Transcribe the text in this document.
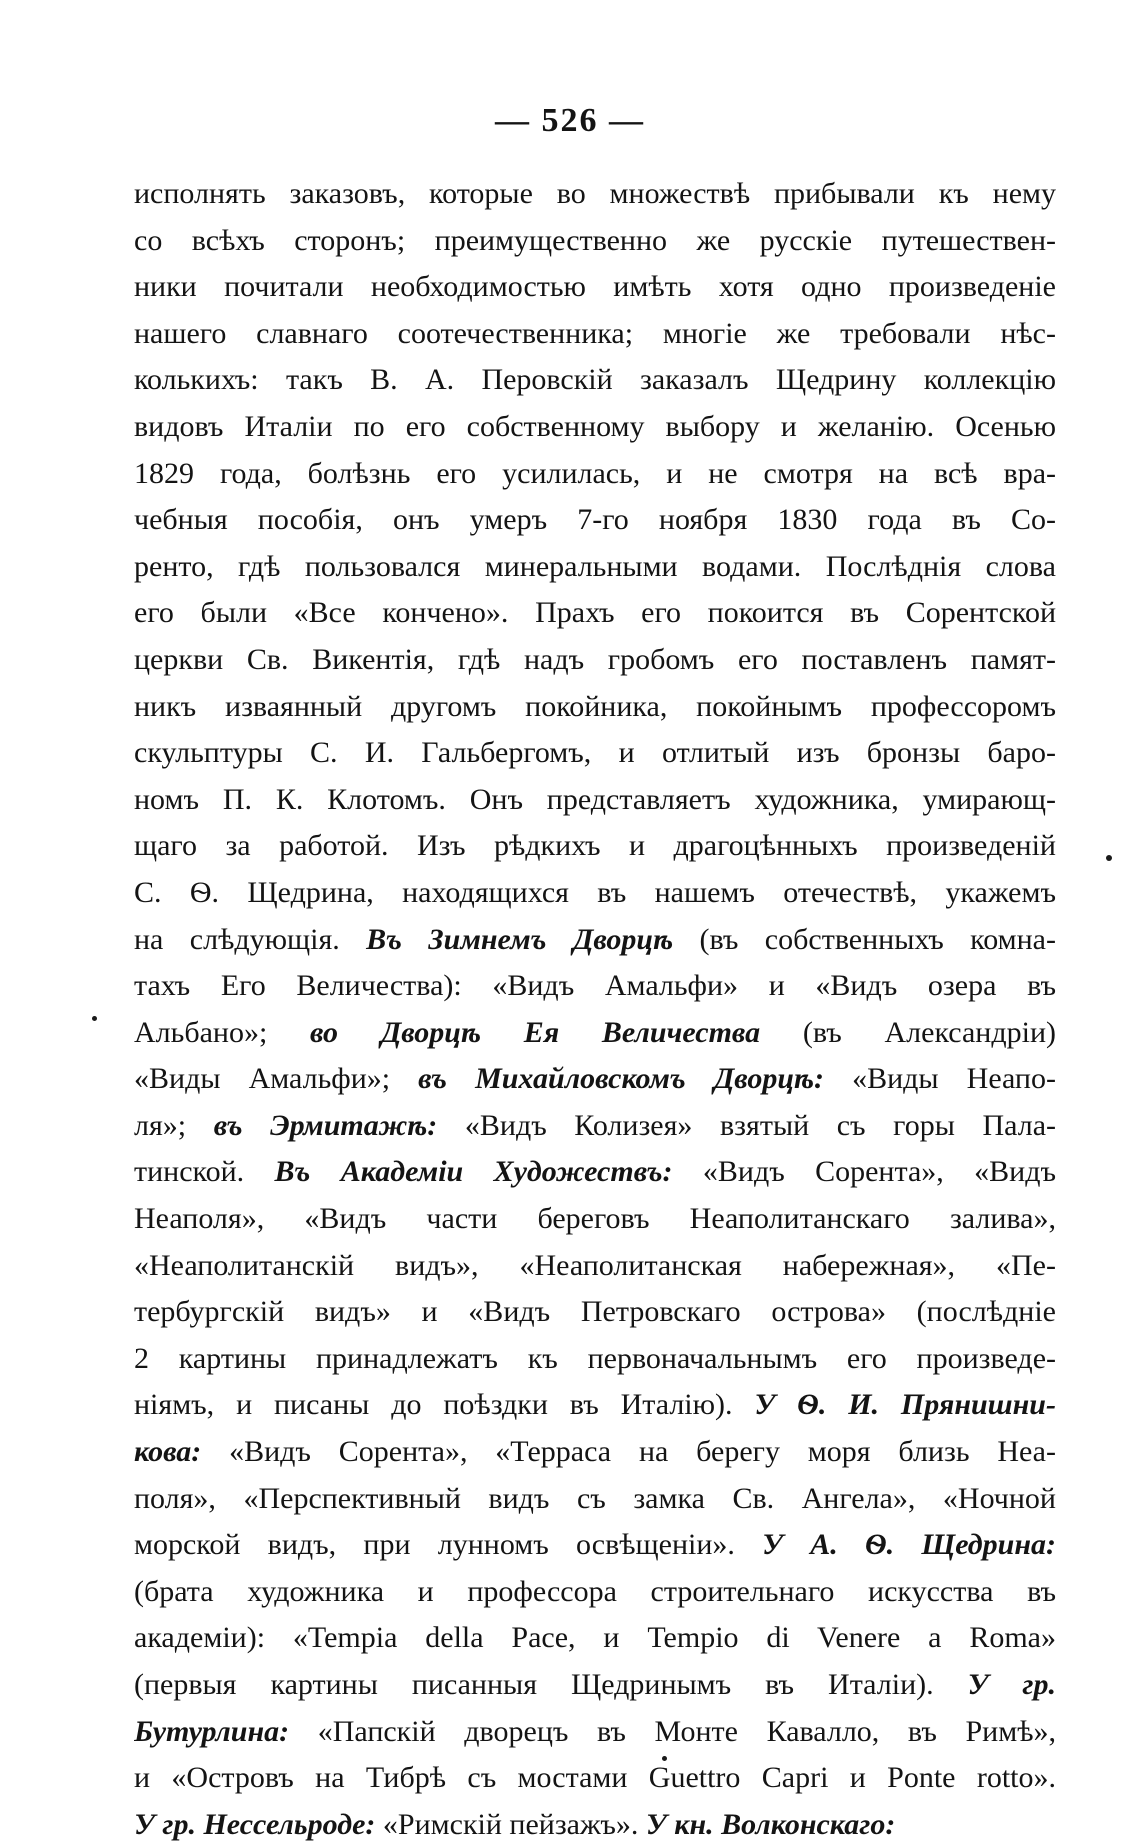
— 526 —
исполнять заказовъ, которые во множествѣ прибывали къ нему
со всѣхъ сторонъ; преимущественно же русскіе путешествен-
ники почитали необходимостью имѣть хотя одно произведеніе
нашего славнаго соотечественника; многіе же требовали нѣс-
колькихъ: такъ В. А. Перовскій заказалъ Щедрину коллекцію
видовъ Италіи по его собственному выбору и желанію. Осенью
1829 года, болѣзнь его усилилась, и не смотря на всѣ вра-
чебныя пособія, онъ умеръ 7-го ноября 1830 года въ Со-
ренто, гдѣ пользовался минеральными водами. Послѣднія слова
его были «Все кончено». Прахъ его покоится въ Сорентской
церкви Св. Викентія, гдѣ надъ гробомъ его поставленъ памят-
никъ изваянный другомъ покойника, покойнымъ профессоромъ
скульптуры С. И. Гальбергомъ, и отлитый изъ бронзы баро-
номъ П. К. Клотомъ. Онъ представляетъ художника, умирающ-
щаго за работой. Изъ рѣдкихъ и драгоцѣнныхъ произведеній
С. Ѳ. Щедрина, находящихся въ нашемъ отечествѣ, укажемъ
на слѣдующія. Въ Зимнемъ Дворцѣ (въ собственныхъ комна-
тахъ Его Величества): «Видъ Амальфи» и «Видъ озера въ
Альбано»; во Дворцѣ Ея Величества (въ Александріи)
«Виды Амальфи»; въ Михайловскомъ Дворцѣ: «Виды Неапо-
ля»; въ Эрмитажѣ: «Видъ Колизея» взятый съ горы Пала-
тинской. Въ Академіи Художествъ: «Видъ Сорента», «Видъ
Неаполя», «Видъ части береговъ Неаполитанскаго залива»,
«Неаполитанскій видъ», «Неаполитанская набережная», «Пе-
тербургскій видъ» и «Видъ Петровскаго острова» (послѣдніе
2 картины принадлежатъ къ первоначальнымъ его произведе-
ніямъ, и писаны до поѣздки въ Италію). У Ѳ. И. Прянишни-
кова: «Видъ Сорента», «Терраса на берегу моря близь Неа-
поля», «Перспективный видъ съ замка Св. Ангела», «Ночной
морской видъ, при лунномъ освѣщеніи». У А. Ѳ. Щедрина:
(брата художника и профессора строительнаго искусства въ
академіи): «Tempia della Pace, и Tempio di Venere a Roma»
(первыя картины писанныя Щедринымъ въ Италіи). У гр.
Бутурлина: «Папскій дворецъ въ Монте Кавалло, въ Римѣ»,
и «Островъ на Тибрѣ съ мостами Guettro Capri и Ponte rotto».
У гр. Нессельроде: «Римскій пейзажъ». У кн. Волконскаго:
